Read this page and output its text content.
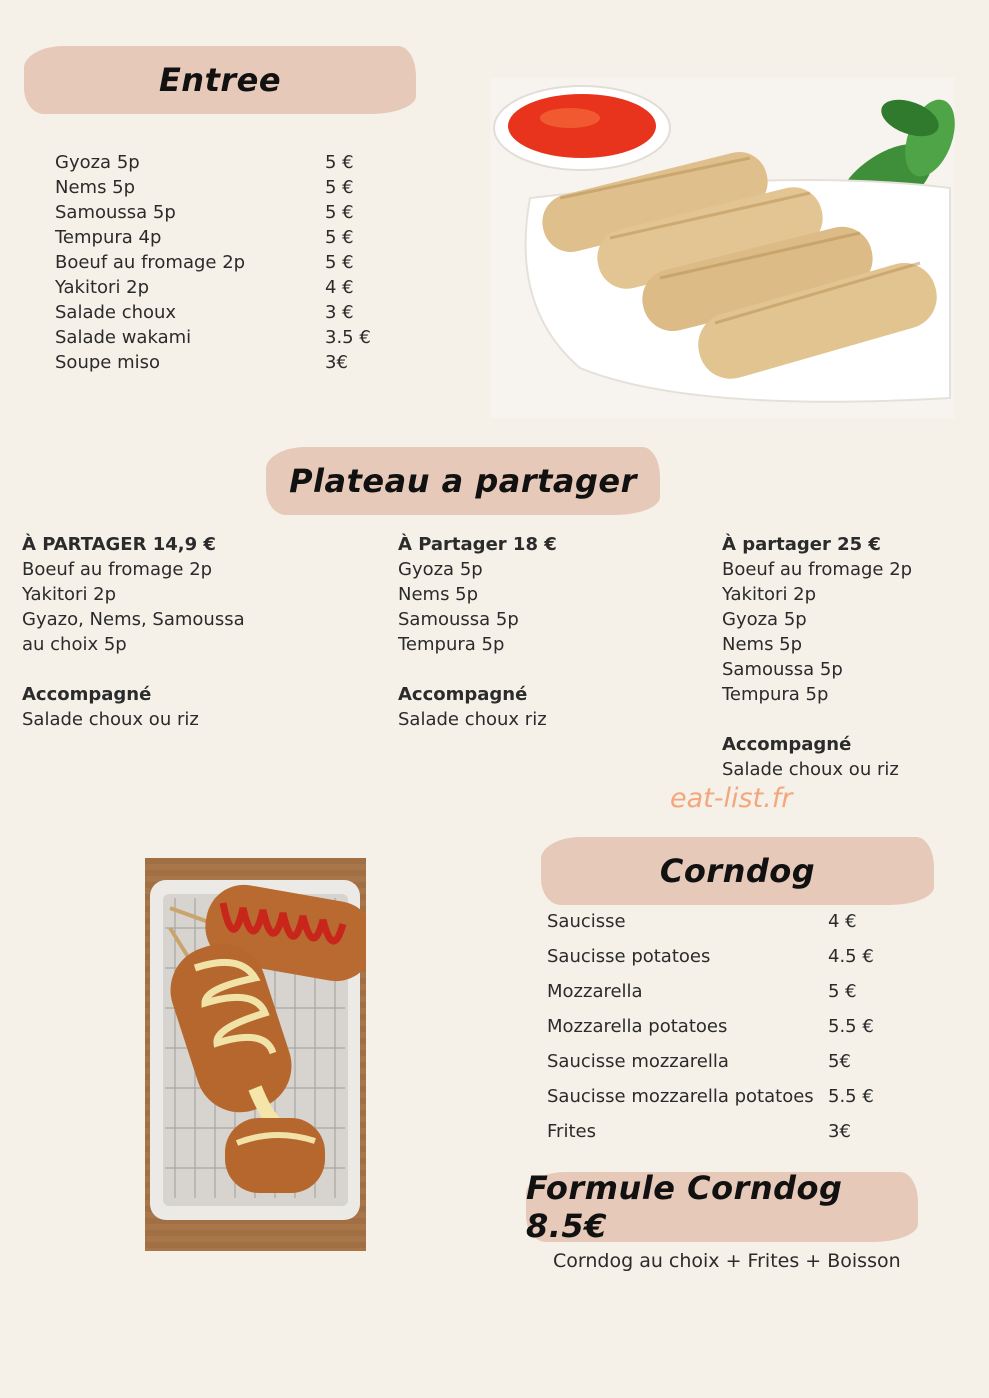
Entree
Gyoza 5p	5 €
Nems 5p	5 €
Samoussa 5p	5 €
Tempura 4p	5 €
Boeuf au fromage 2p	5 €
Yakitori 2p	4 €
Salade choux	3 €
Salade wakami	3.5 €
Soupe miso	3€
Plateau a partager
À PARTAGER 14,9 €
Boeuf au fromage 2p
Yakitori 2p
Gyazo, Nems, Samoussa
au choix 5p
Accompagné
Salade choux ou riz
À Partager 18 €
Gyoza 5p
Nems 5p
Samoussa 5p
Tempura 5p
Accompagné
Salade choux riz
À partager 25 €
Boeuf au fromage 2p
Yakitori 2p
Gyoza 5p
Nems 5p
Samoussa 5p
Tempura 5p
Accompagné
Salade choux ou riz
eat-list.fr
Corndog
Saucisse	4 €
Saucisse potatoes	4.5 €
Mozzarella	5 €
Mozzarella potatoes	5.5 €
Saucisse mozzarella	5€
Saucisse mozzarella potatoes 5.5 €
Frites	3€
Formule Corndog 8.5€
Corndog au choix + Frites + Boisson
